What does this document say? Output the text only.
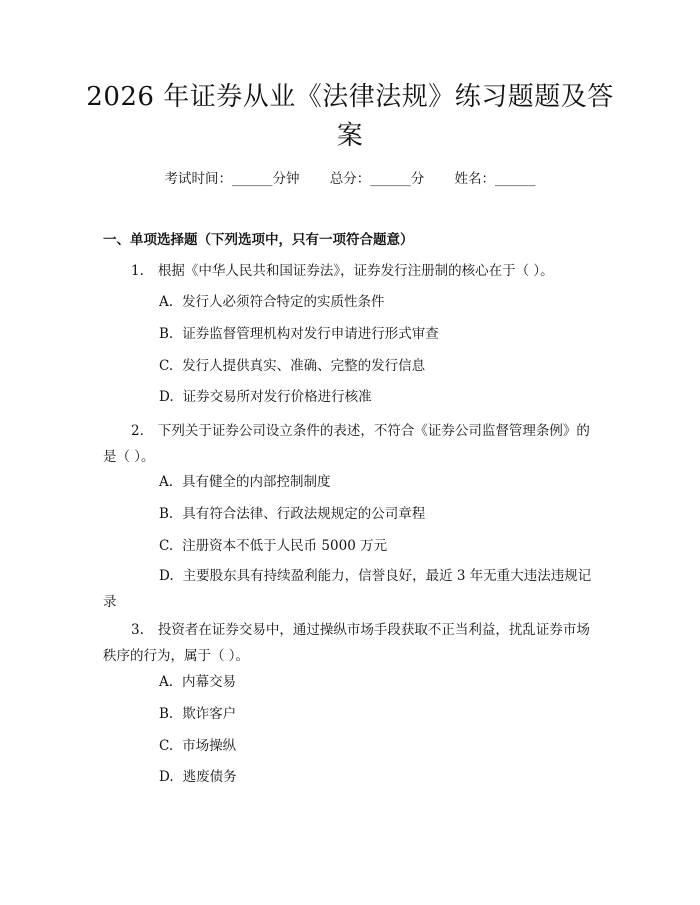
2026 年证券从业《法律法规》练习题题及答案
考试时间：______分钟 总分：______分 姓名：______
一、单项选择题（下列选项中，只有一项符合题意）
1. 根据《中华人民共和国证券法》，证券发行注册制的核心在于（ ）。
A. 发行人必须符合特定的实质性条件
B. 证券监督管理机构对发行申请进行形式审查
C. 发行人提供真实、准确、完整的发行信息
D. 证券交易所对发行价格进行核准
2. 下列关于证券公司设立条件的表述，不符合《证券公司监督管理条例》的是（ ）。
A. 具有健全的内部控制制度
B. 具有符合法律、行政法规规定的公司章程
C. 注册资本不低于人民币 5000 万元
D. 主要股东具有持续盈利能力，信誉良好，最近 3 年无重大违法违规记录
3. 投资者在证券交易中，通过操纵市场手段获取不正当利益，扰乱证券市场秩序的行为，属于（ ）。
A. 内幕交易
B. 欺诈客户
C. 市场操纵
D. 逃废债务
